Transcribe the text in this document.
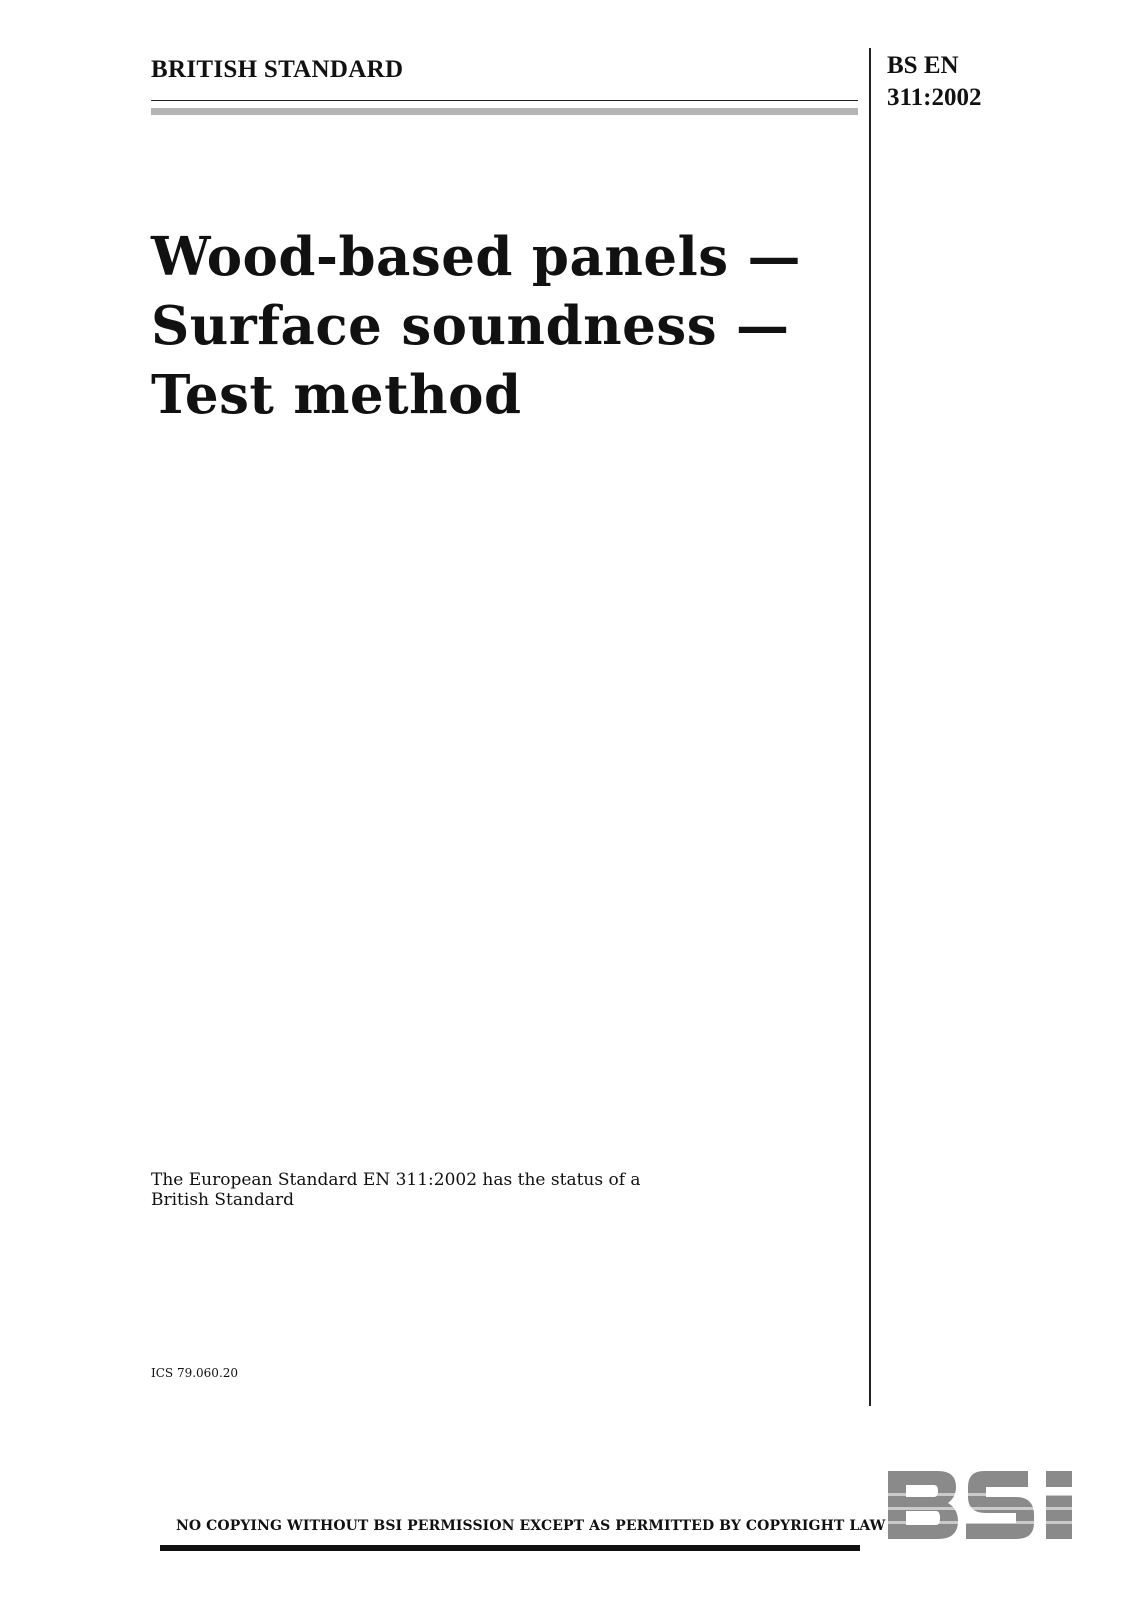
BRITISH STANDARD	BS EN
311:2002
Wood-based panels —
Surface soundness —
Test method
The European Standard EN 311:2002 has the status of a
British Standard
ICS 79.060.20
NO COPYING WITHOUT BSI PERMISSION EXCEPT AS PERMITTED BY COPYRIGHT LAW
